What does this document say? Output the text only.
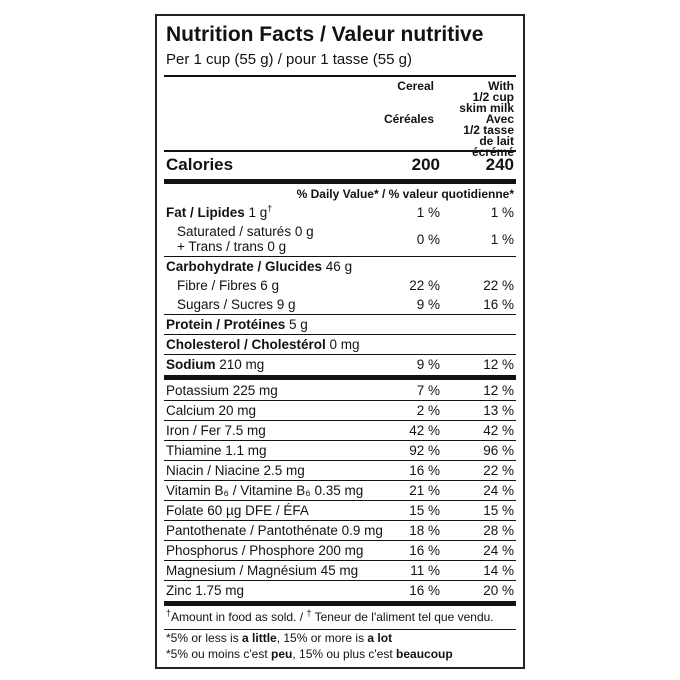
Nutrition Facts / Valeur nutritive
Per 1 cup (55 g) / pour 1 tasse (55 g)
Cereal
Céréales
With
1/2 cup
skim milk
Avec
1/2 tasse
de lait écrémé
Calories	200	240
% Daily Value* / % valeur quotidienne*
Fat / Lipides 1 g†	1 %	1 %
Saturated / saturés 0 g
+ Trans / trans 0 g	0 %	1 %
Carbohydrate / Glucides 46 g
Fibre / Fibres 6 g	22 %	22 %
Sugars / Sucres 9 g	9 %	16 %
Protein / Protéines 5 g
Cholesterol / Cholestérol 0 mg
Sodium 210 mg	9 %	12 %
Potassium 225 mg	7 %	12 %
Calcium 20 mg	2 %	13 %
Iron / Fer 7.5 mg	42 %	42 %
Thiamine 1.1 mg	92 %	96 %
Niacin / Niacine 2.5 mg	16 %	22 %
Vitamin B₆ / Vitamine B₆ 0.35 mg	21 %	24 %
Folate 60 µg DFE / ÉFA	15 %	15 %
Pantothenate / Pantothénate 0.9 mg	18 %	28 %
Phosphorus / Phosphore 200 mg	16 %	24 %
Magnesium / Magnésium 45 mg	11 %	14 %
Zinc 1.75 mg	16 %	20 %
†Amount in food as sold. / † Teneur de l'aliment tel que vendu.
*5% or less is a little, 15% or more is a lot
*5% ou moins c'est peu, 15% ou plus c'est beaucoup
